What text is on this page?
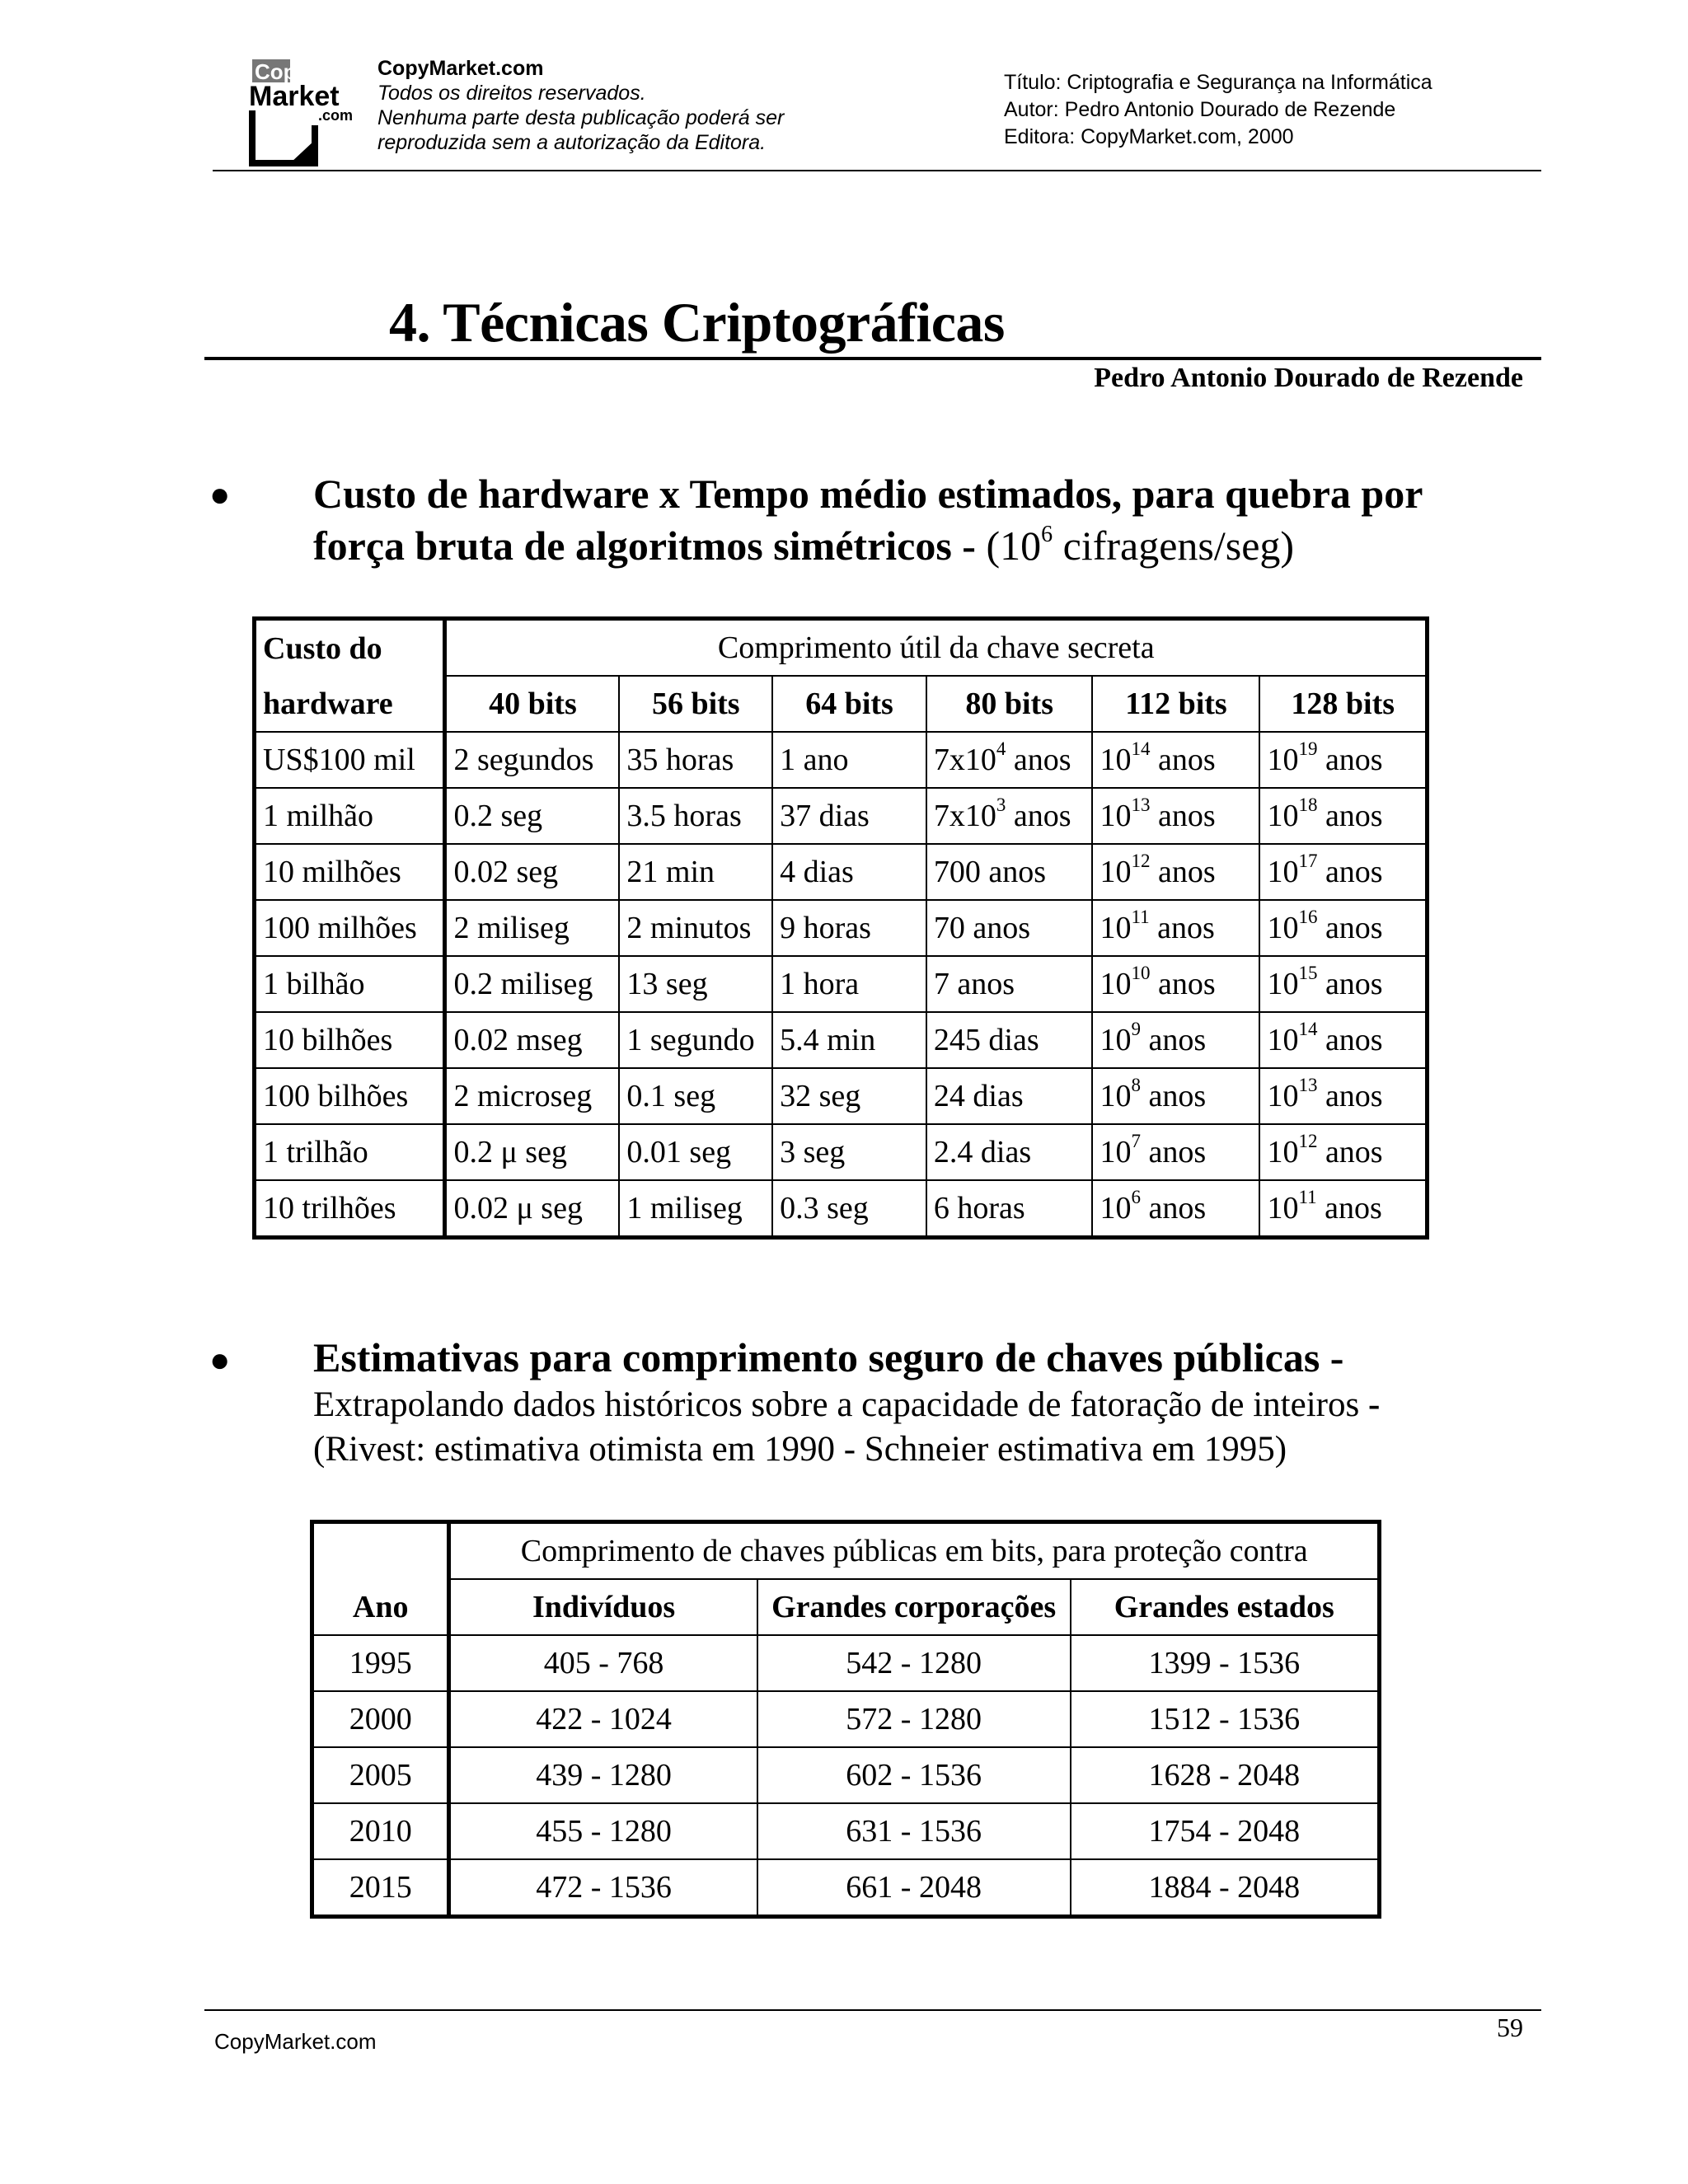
Copy
Market
.com
CopyMarket.com
Todos os direitos reservados.
Nenhuma parte desta publicação poderá ser
reproduzida sem a autorização da Editora.
Título: Criptografia e Segurança na Informática
Autor: Pedro Antonio Dourado de Rezende
Editora: CopyMarket.com, 2000
4. Técnicas Criptográficas
Pedro Antonio Dourado de Rezende
● Custo de hardware x Tempo médio estimados, para quebra por
força bruta de algoritmos simétricos - ($10^6$ cifragens/seg)
Custo do	Comprimento útil da chave secreta					
hardware	40 bits	56 bits	64 bits	80 bits	112 bits	128 bits
US$100 mil	2 segundos	35 horas	1 ano	$7x10^4$ anos	$10^{14}$ anos	$10^{19}$ anos
1 milhão	0.2 seg	3.5 horas	37 dias	$7x10^3$ anos	$10^{13}$ anos	$10^{18}$ anos
10 milhões	0.02 seg	21 min	4 dias	700 anos	$10^{12}$ anos	$10^{17}$ anos
100 milhões	2 miliseg	2 minutos	9 horas	70 anos	$10^{11}$ anos	$10^{16}$ anos
1 bilhão	0.2 miliseg	13 seg	1 hora	7 anos	$10^{10}$ anos	$10^{15}$ anos
10 bilhões	0.02 mseg	1 segundo	5.4 min	245 dias	$10^9$ anos	$10^{14}$ anos
100 bilhões	2 microseg	0.1 seg	32 seg	24 dias	$10^8$ anos	$10^{13}$ anos
1 trilhão	0.2 μ seg	0.01 seg	3 seg	2.4 dias	$10^7$ anos	$10^{12}$ anos
10 trilhões	0.02 μ seg	1 miliseg	0.3 seg	6 horas	$10^6$ anos	$10^{11}$ anos
● Estimativas para comprimento seguro de chaves públicas -
Extrapolando dados históricos sobre a capacidade de fatoração de inteiros -
(Rivest: estimativa otimista em 1990 - Schneier estimativa em 1995)
	Comprimento de chaves públicas em bits, para proteção contra		
Ano	Indivíduos	Grandes corporações	Grandes estados
1995	405 - 768	542 - 1280	1399 - 1536
2000	422 - 1024	572 - 1280	1512 - 1536
2005	439 - 1280	602 - 1536	1628 - 2048
2010	455 - 1280	631 - 1536	1754 - 2048
2015	472 - 1536	661 - 2048	1884 - 2048
59
CopyMarket.com
